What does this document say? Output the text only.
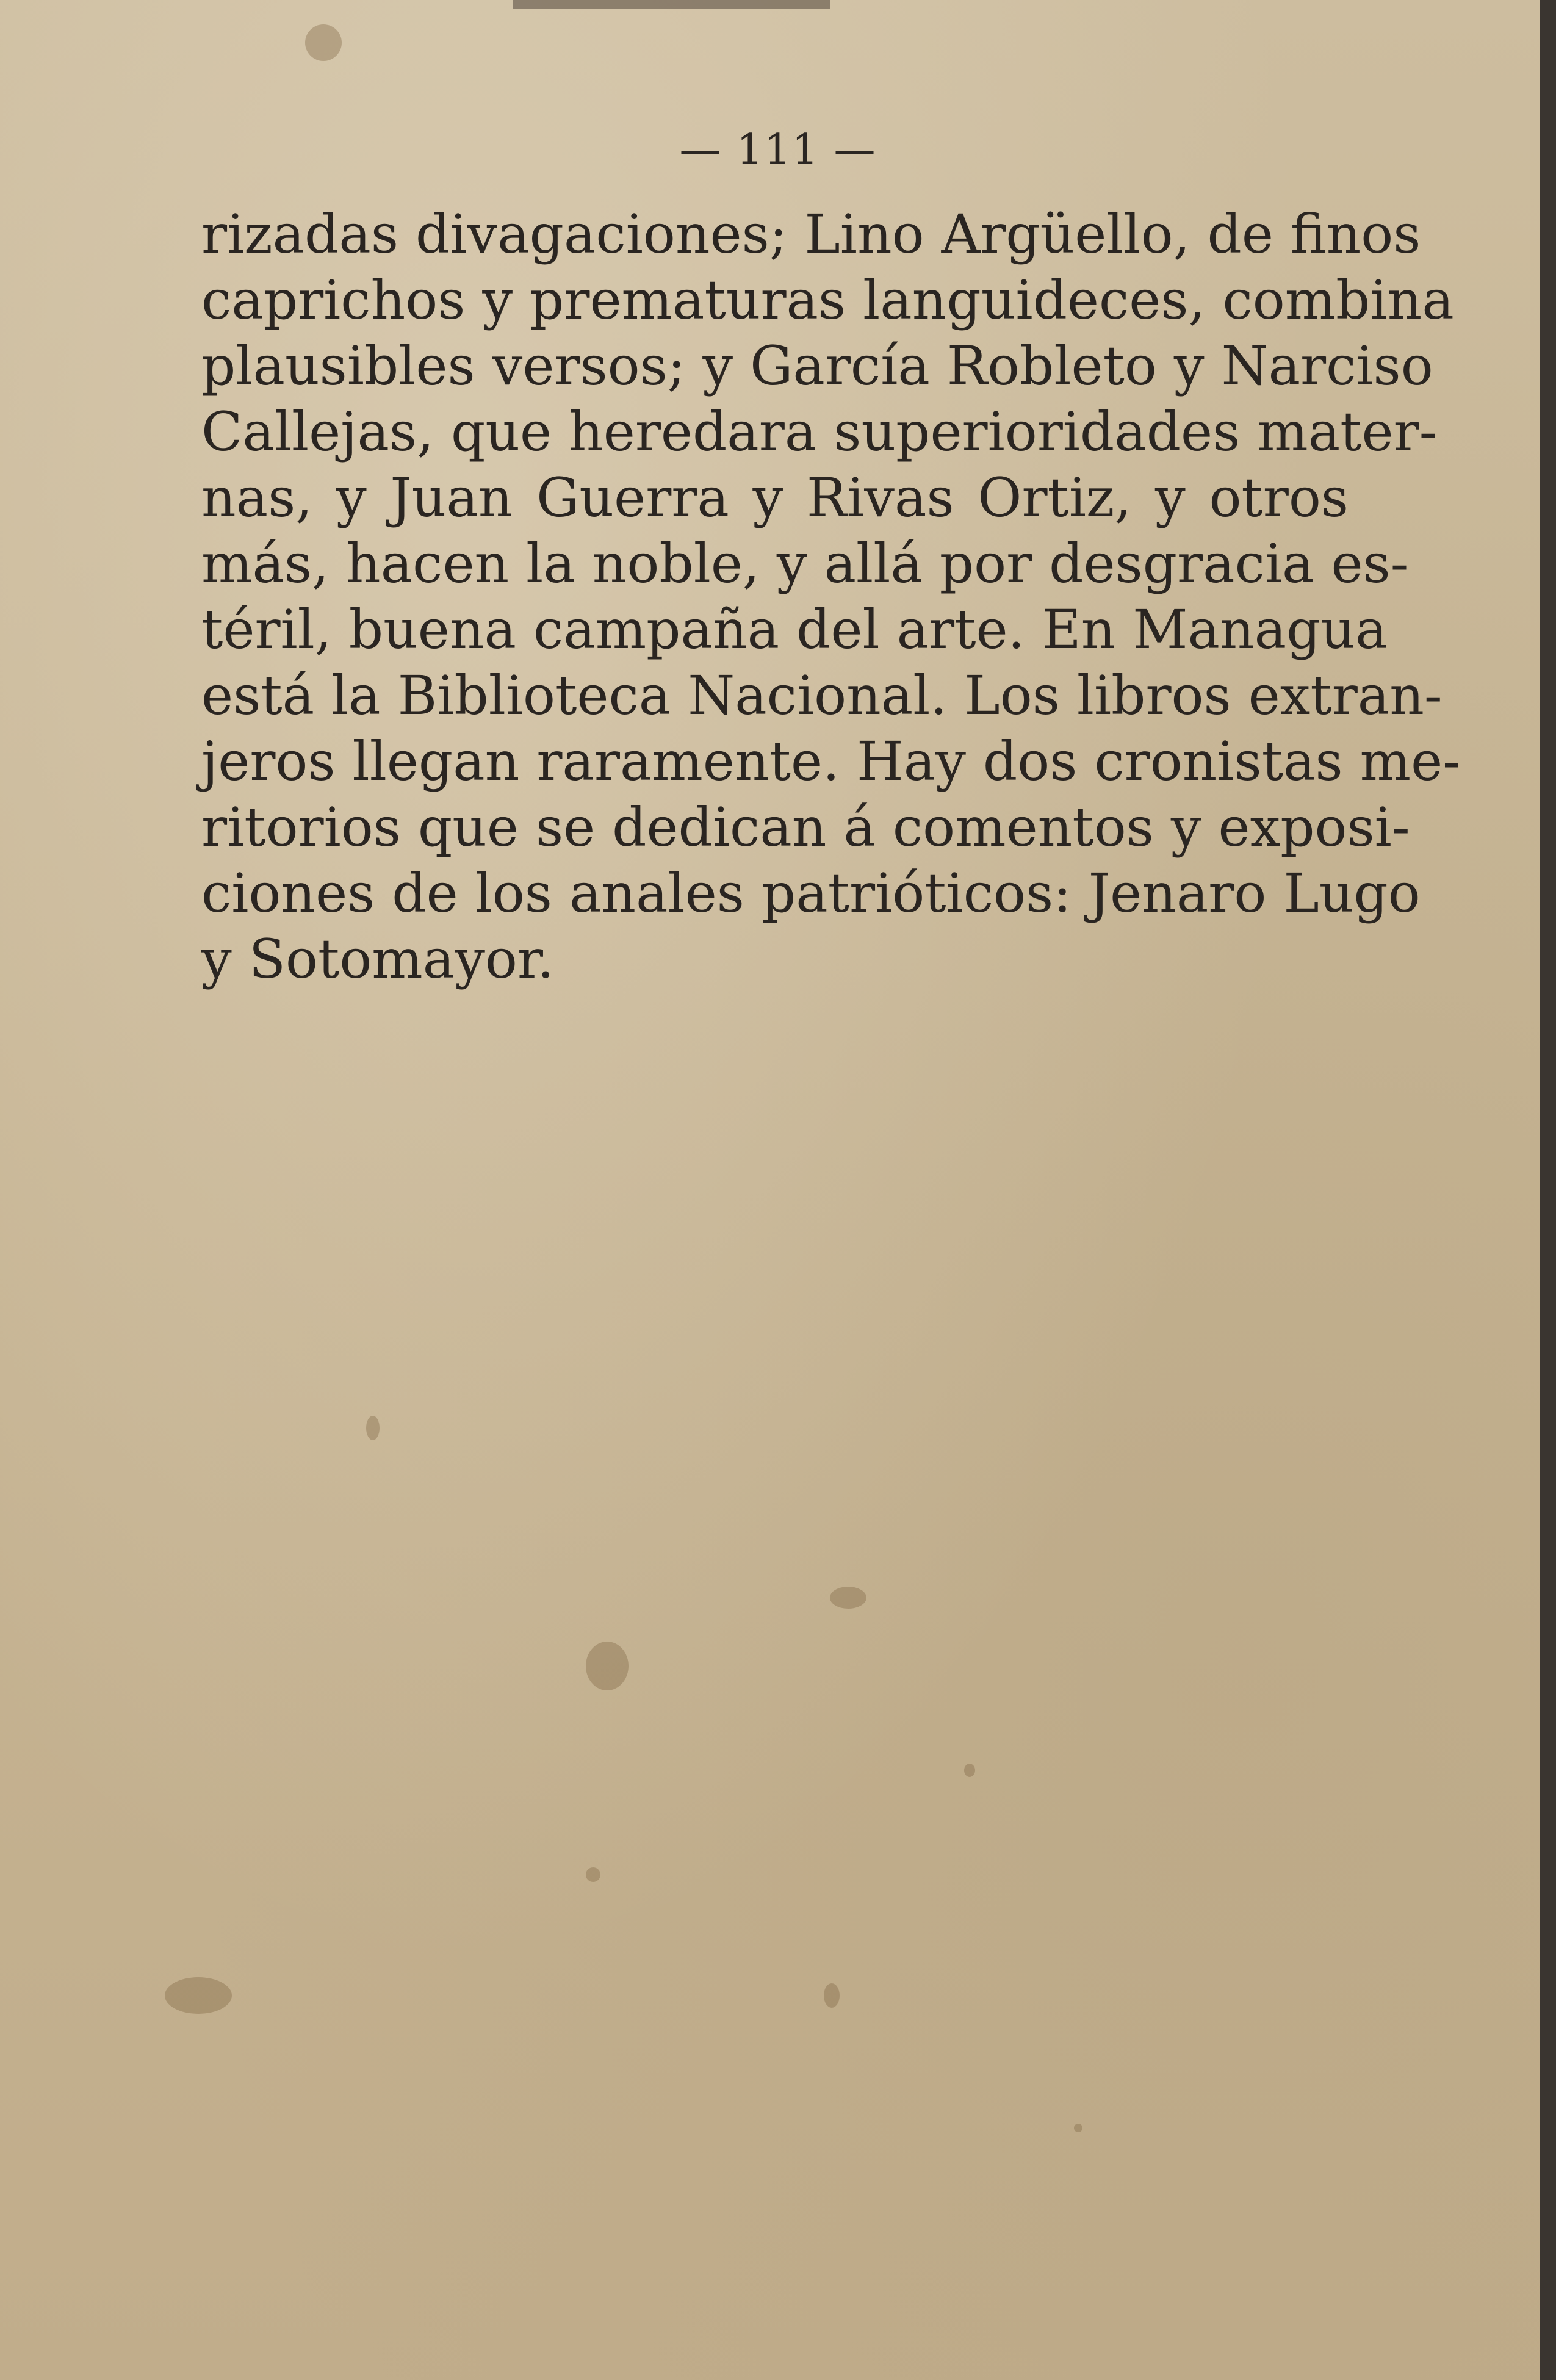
— 111 —
rizadas divagaciones; Lino Argüello, de finos
caprichos y prematuras languideces, combina
plausibles versos; y García Robleto y Narciso
Callejas, que heredara superioridades mater-
nas, y Juan Guerra y Rivas Ortiz, y otros
más, hacen la noble, y allá por desgracia es-
téril, buena campaña del arte. En Managua
está la Biblioteca Nacional. Los libros extran-
jeros llegan raramente. Hay dos cronistas me-
ritorios que se dedican á comentos y exposi-
ciones de los anales patrióticos: Jenaro Lugo
y Sotomayor.
